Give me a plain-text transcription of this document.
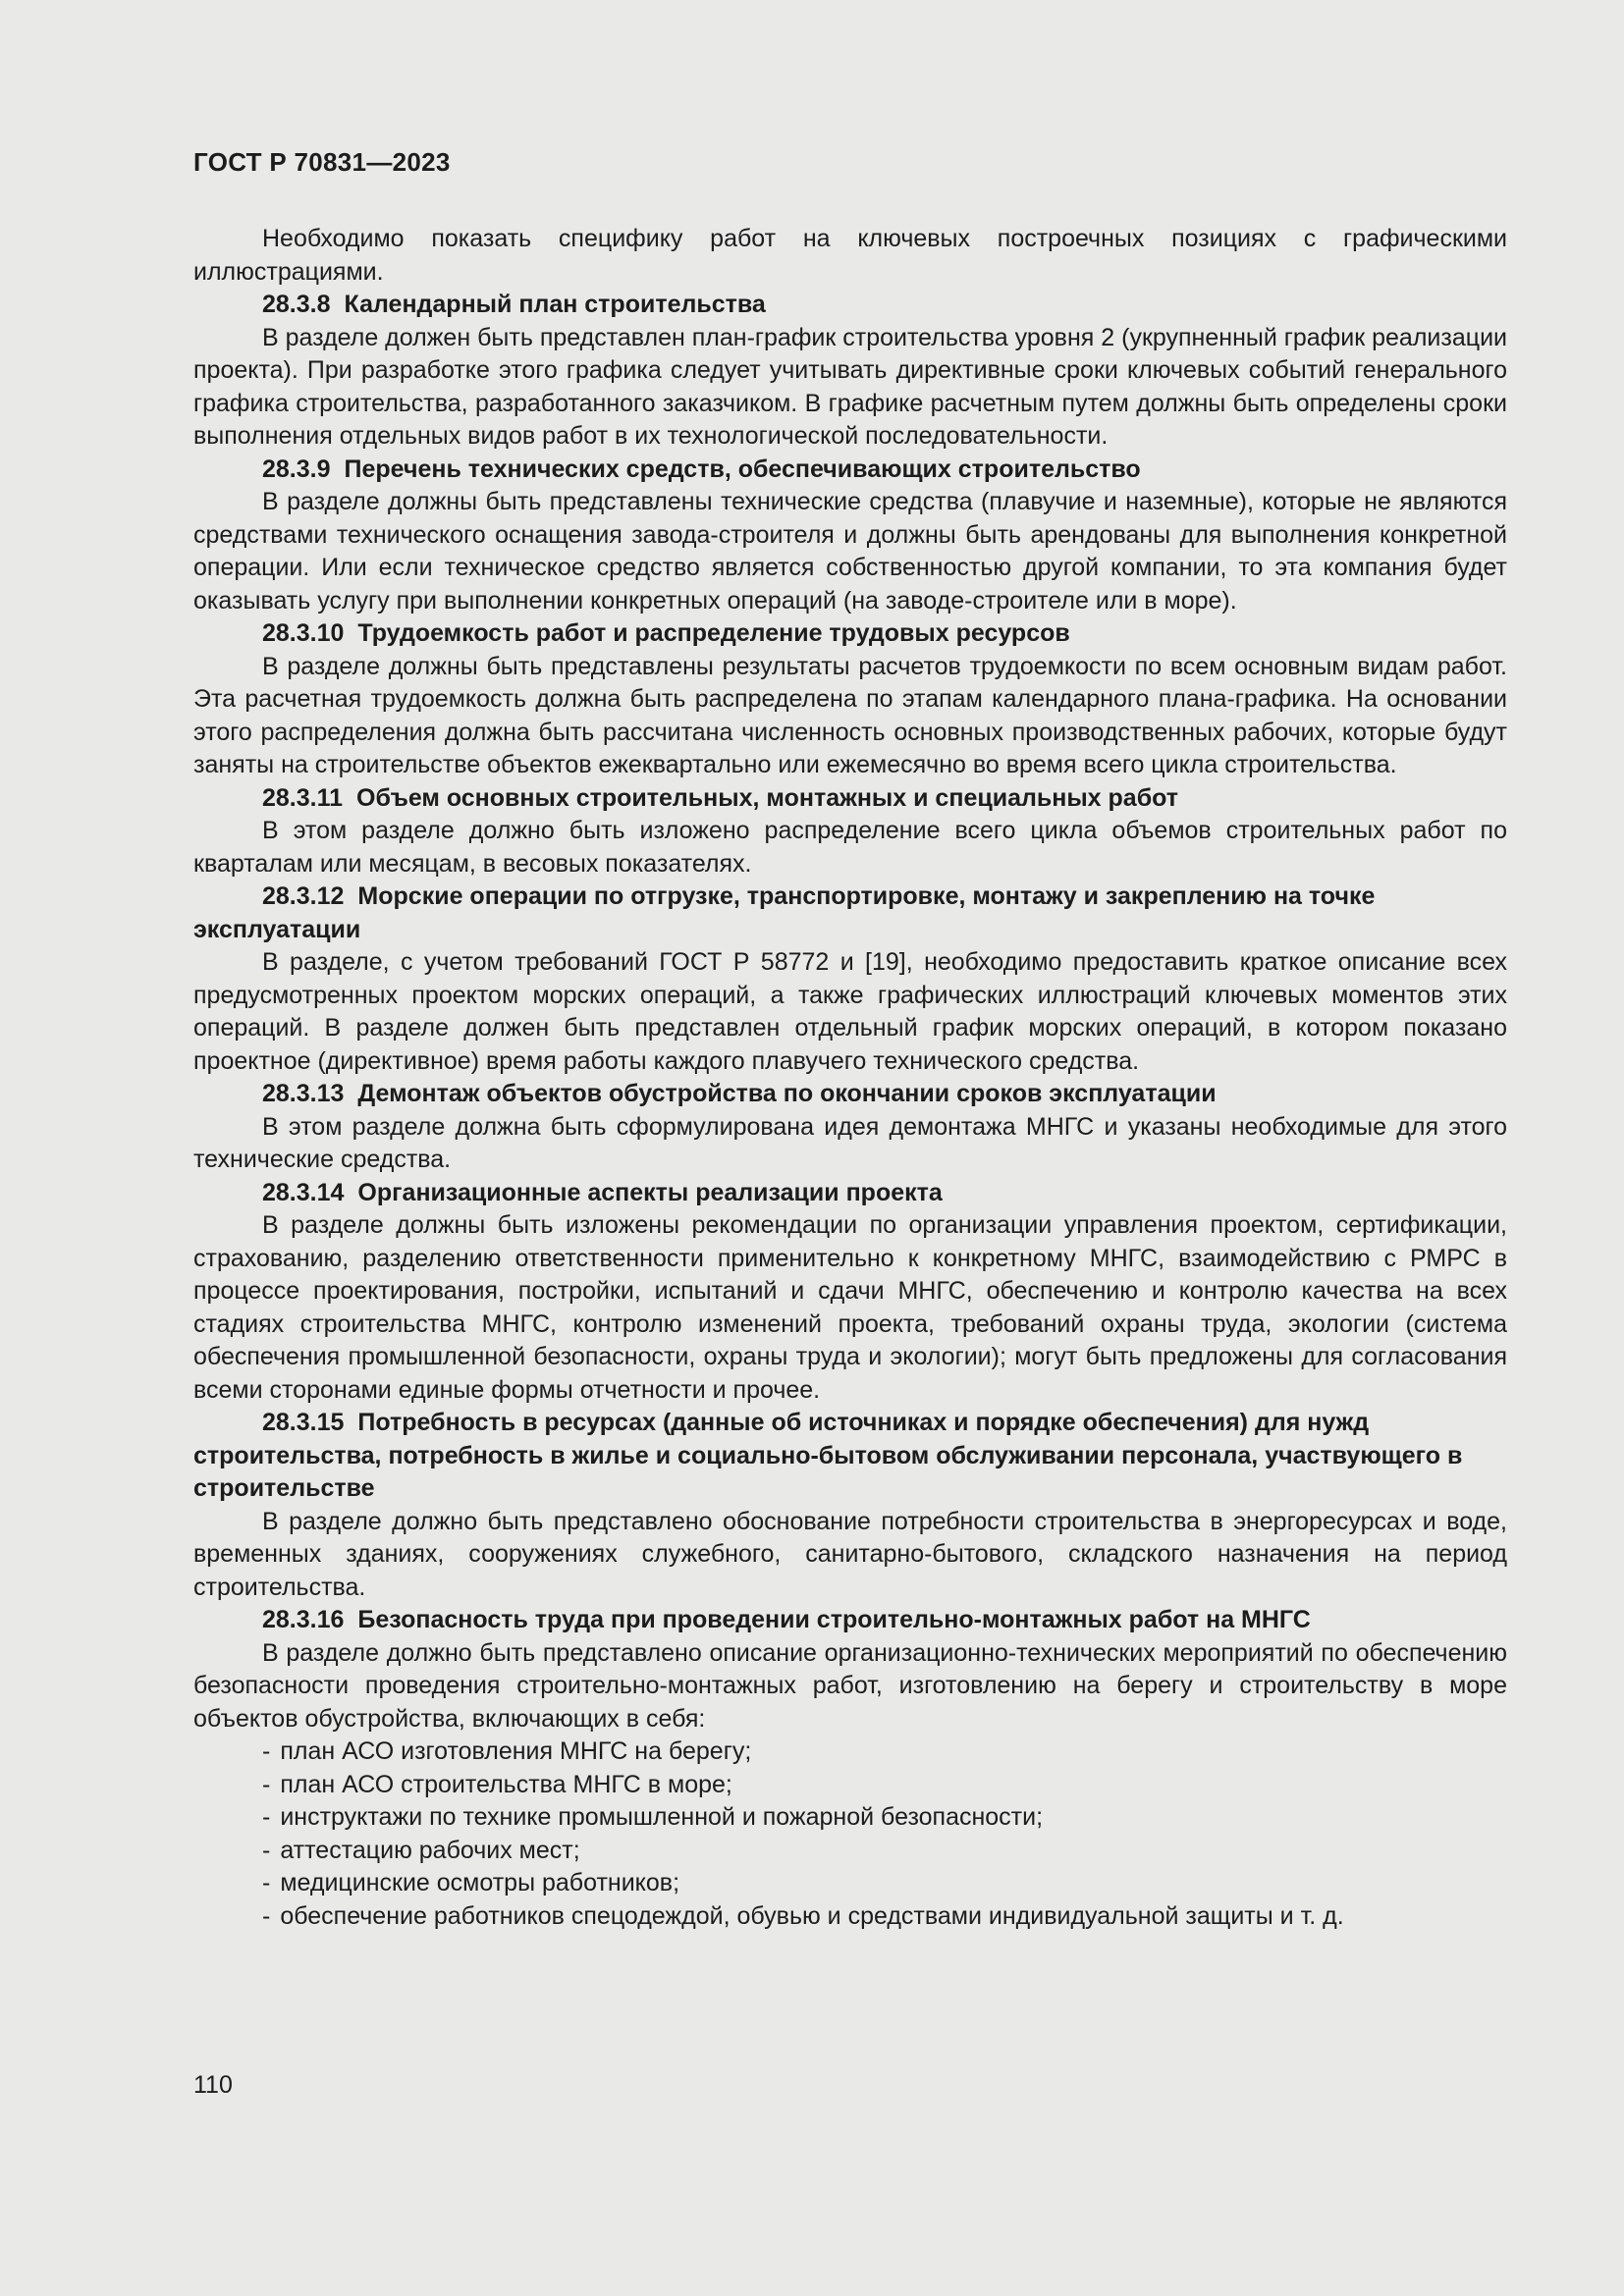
ГОСТ Р 70831—2023

Необходимо показать специфику работ на ключевых построечных позициях с графическими иллюстрациями.

28.3.8 Календарный план строительства

В разделе должен быть представлен план-график строительства уровня 2 (укрупненный график реализации проекта). При разработке этого графика следует учитывать директивные сроки ключевых событий генерального графика строительства, разработанного заказчиком. В графике расчетным путем должны быть определены сроки выполнения отдельных видов работ в их технологической последовательности.

28.3.9 Перечень технических средств, обеспечивающих строительство

В разделе должны быть представлены технические средства (плавучие и наземные), которые не являются средствами технического оснащения завода-строителя и должны быть арендованы для выполнения конкретной операции. Или если техническое средство является собственностью другой компании, то эта компания будет оказывать услугу при выполнении конкретных операций (на заводе-строителе или в море).

28.3.10 Трудоемкость работ и распределение трудовых ресурсов

В разделе должны быть представлены результаты расчетов трудоемкости по всем основным видам работ. Эта расчетная трудоемкость должна быть распределена по этапам календарного плана-графика. На основании этого распределения должна быть рассчитана численность основных производственных рабочих, которые будут заняты на строительстве объектов ежеквартально или ежемесячно во время всего цикла строительства.

28.3.11 Объем основных строительных, монтажных и специальных работ

В этом разделе должно быть изложено распределение всего цикла объемов строительных работ по кварталам или месяцам, в весовых показателях.

28.3.12 Морские операции по отгрузке, транспортировке, монтажу и закреплению на точке эксплуатации

В разделе, с учетом требований ГОСТ Р 58772 и [19], необходимо предоставить краткое описание всех предусмотренных проектом морских операций, а также графических иллюстраций ключевых моментов этих операций. В разделе должен быть представлен отдельный график морских операций, в котором показано проектное (директивное) время работы каждого плавучего технического средства.

28.3.13 Демонтаж объектов обустройства по окончании сроков эксплуатации

В этом разделе должна быть сформулирована идея демонтажа МНГС и указаны необходимые для этого технические средства.

28.3.14 Организационные аспекты реализации проекта

В разделе должны быть изложены рекомендации по организации управления проектом, сертификации, страхованию, разделению ответственности применительно к конкретному МНГС, взаимодействию с РМРС в процессе проектирования, постройки, испытаний и сдачи МНГС, обеспечению и контролю качества на всех стадиях строительства МНГС, контролю изменений проекта, требований охраны труда, экологии (система обеспечения промышленной безопасности, охраны труда и экологии); могут быть предложены для согласования всеми сторонами единые формы отчетности и прочее.

28.3.15 Потребность в ресурсах (данные об источниках и порядке обеспечения) для нужд строительства, потребность в жилье и социально-бытовом обслуживании персонала, участвующего в строительстве

В разделе должно быть представлено обоснование потребности строительства в энергоресурсах и воде, временных зданиях, сооружениях служебного, санитарно-бытового, складского назначения на период строительства.

28.3.16 Безопасность труда при проведении строительно-монтажных работ на МНГС

В разделе должно быть представлено описание организационно-технических мероприятий по обеспечению безопасности проведения строительно-монтажных работ, изготовлению на берегу и строительству в море объектов обустройства, включающих в себя:

- план АСО изготовления МНГС на берегу;
- план АСО строительства МНГС в море;
- инструктажи по технике промышленной и пожарной безопасности;
- аттестацию рабочих мест;
- медицинские осмотры работников;
- обеспечение работников спецодеждой, обувью и средствами индивидуальной защиты и т. д.
110
